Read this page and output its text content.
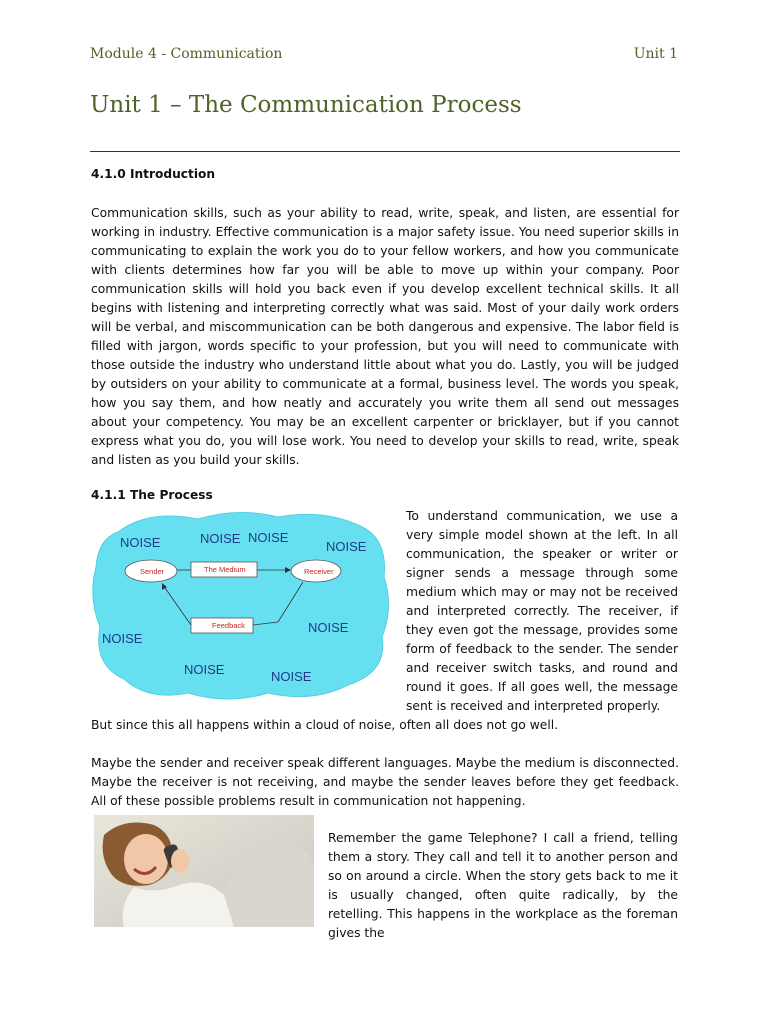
Module 4 - Communication	Unit 1
Unit 1 – The Communication Process
4.1.0 Introduction

Communication skills, such as your ability to read, write, speak, and listen, are essential for working in industry. Effective communication is a major safety issue. You need superior skills in communicating to explain the work you do to your fellow workers, and how you communicate with clients determines how far you will be able to move up within your company. Poor communication skills will hold you back even if you develop excellent technical skills. It all begins with listening and interpreting correctly what was said. Most of your daily work orders will be verbal, and miscommunication can be both dangerous and expensive. The labor field is filled with jargon, words specific to your profession, but you will need to communicate with those outside the industry who understand little about what you do. Lastly, you will be judged by outsiders on your ability to communicate at a formal, business level. The words you speak, how you say them, and how neatly and accurately you write them all send out messages about your competency. You may be an excellent carpenter or bricklayer, but if you cannot express what you do, you will lose work. You need to develop your skills to read, write, speak and listen as you build your skills.

4.1.1 The Process
NOISE	NOISE NOISE
NOISE
NOISE
NOISE
NOISE	NOISE
Sender	The Medium	Receiver
Feedback

To understand communication, we use a very simple model shown at the left. In all communication, the speaker or writer or signer sends a message through some medium which may or may not be received and interpreted correctly. The receiver, if they even got the message, provides some form of feedback to the sender. The sender and receiver switch tasks, and round and round it goes. If all goes well, the message sent is received and interpreted properly.

But since this all happens within a cloud of noise, often all does not go well.

Maybe the sender and receiver speak different languages. Maybe the medium is disconnected. Maybe the receiver is not receiving, and maybe the sender leaves before they get feedback. All of these possible problems result in communication not happening.

Remember the game Telephone? I call a friend, telling them a story. They call and tell it to another person and so on around a circle. When the story gets back to me it is usually changed, often quite radically, by the retelling. This happens in the workplace as the foreman gives the
